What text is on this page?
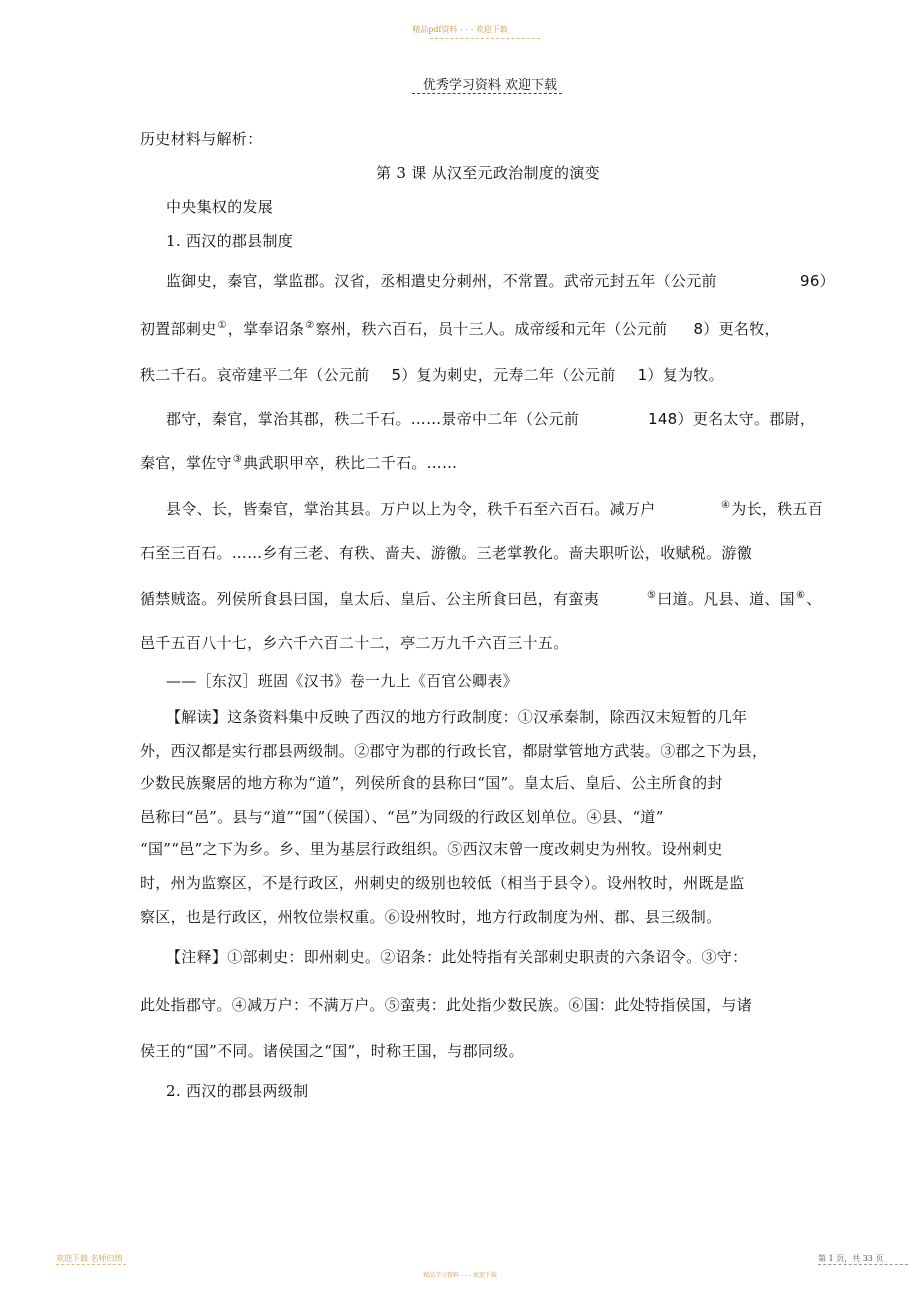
精品pdf资料 - - - 欢迎下载
优秀学习资料 欢迎下载
历史材料与解析：
第 3 课 从汉至元政治制度的演变
中央集权的发展
1. 西汉的郡县制度
监御史，秦官，掌监郡。汉省，丞相遣史分刺州，不常置。武帝元封五年（公元前	96）
初置部刺史①，掌奉诏条②察州，秩六百石，员十三人。成帝绥和元年（公元前 8）更名牧，
秩二千石。哀帝建平二年（公元前 5）复为刺史，元寿二年（公元前 1）复为牧。
郡守，秦官，掌治其郡，秩二千石。……景帝中二年（公元前	148）更名太守。郡尉，
秦官，掌佐守③典武职甲卒，秩比二千石。……
县令、长，皆秦官，掌治其县。万户以上为令，秩千石至六百石。减万户	④为长，秩五百
石至三百石。……乡有三老、有秩、啬夫、游徼。三老掌教化。啬夫职听讼，收赋税。游徼
循禁贼盗。列侯所食县曰国，皇太后、皇后、公主所食曰邑，有蛮夷	⑤曰道。凡县、道、国⑥、
邑千五百八十七，乡六千六百二十二，亭二万九千六百三十五。
——［东汉］班固《汉书》卷一九上《百官公卿表》
【解读】这条资料集中反映了西汉的地方行政制度：①汉承秦制，除西汉末短暂的几年
外，西汉都是实行郡县两级制。②郡守为郡的行政长官，都尉掌管地方武装。③郡之下为县，
少数民族聚居的地方称为“道”，列侯所食的县称曰“国”。皇太后、皇后、公主所食的封
邑称曰“邑”。县与“道”“国”（侯国）、“邑”为同级的行政区划单位。④县、“道”
“国”“邑”之下为乡。乡、里为基层行政组织。⑤西汉末曾一度改刺史为州牧。设州刺史
时，州为监察区，不是行政区，州刺史的级别也较低（相当于县令）。设州牧时，州既是监
察区，也是行政区，州牧位崇权重。⑥设州牧时，地方行政制度为州、郡、县三级制。
【注释】①部刺史：即州刺史。②诏条：此处特指有关部刺史职责的六条诏令。③守：
此处指郡守。④减万户：不满万户。⑤蛮夷：此处指少数民族。⑥国：此处特指侯国，与诸
侯王的“国”不同。诸侯国之“国”，时称王国，与郡同级。
2. 西汉的郡县两级制
欢迎下载 名师归纳	第 1 页，共 33 页
精品学习资料 - - - 欢迎下载
